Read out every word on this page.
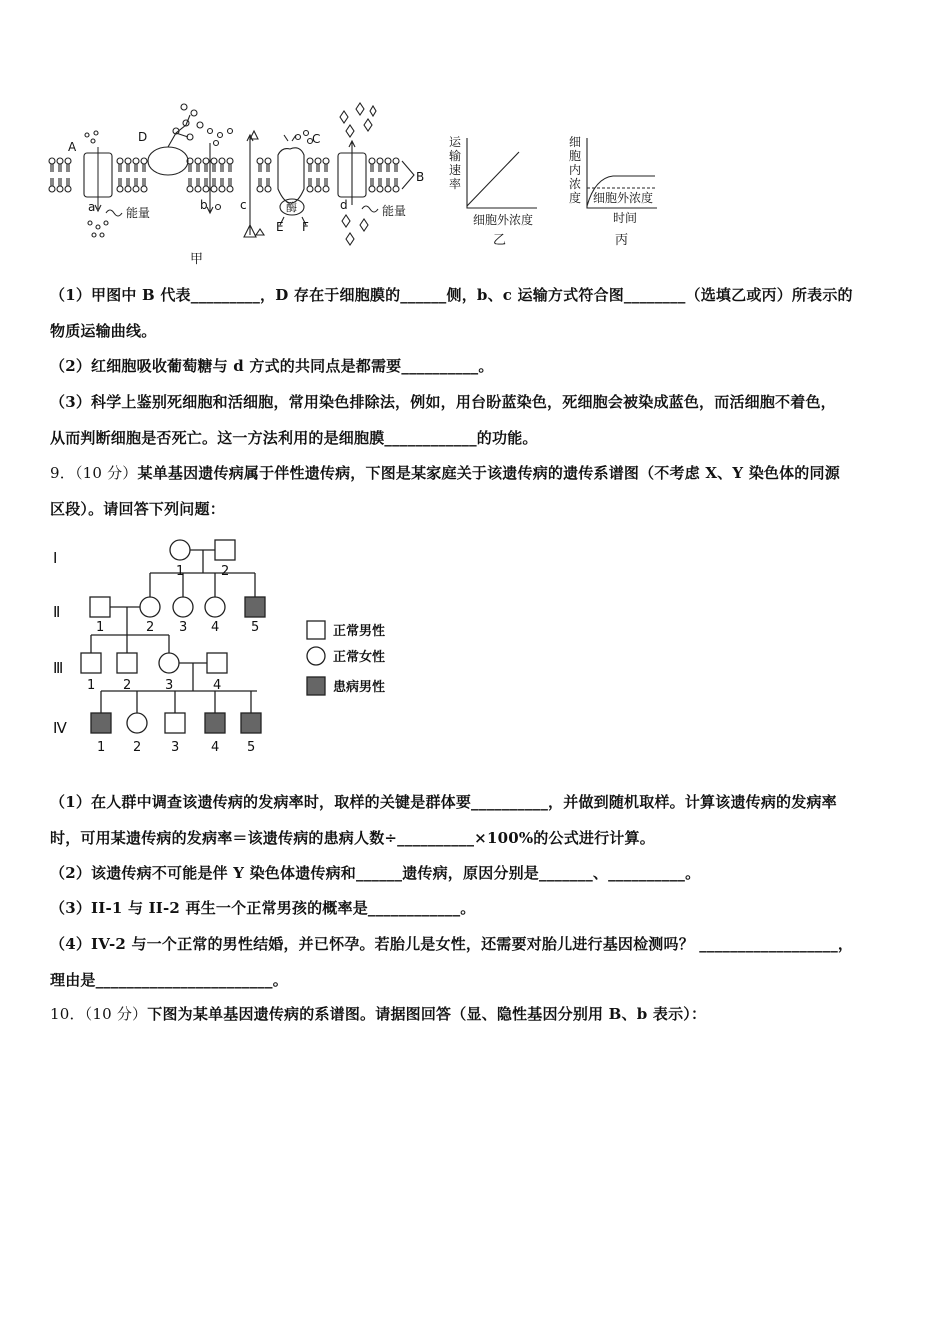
A
D	C
B
a	b	c	d
E F
酶
能量	能量
甲
运 输 速 率
细胞外浓度
乙
细 胞 内 浓 度 细胞外浓度
时间
丙
（1）甲图中 B 代表_________，D 存在于细胞膜的______侧，b、c 运输方式符合图________（选填乙或丙）所表示的
物质运输曲线。
（2）红细胞吸收葡萄糖与 d 方式的共同点是都需要__________。
（3）科学上鉴别死细胞和活细胞，常用染色排除法，例如，用台盼蓝染色，死细胞会被染成蓝色，而活细胞不着色，
从而判断细胞是否死亡。这一方法利用的是细胞膜____________的功能。
9．（10 分）某单基因遗传病属于伴性遗传病，下图是某家庭关于该遗传病的遗传系谱图（不考虑 X、Y 染色体的同源
区段）。请回答下列问题：
Ⅰ
Ⅱ
Ⅲ
Ⅳ
1	2
1	2 3 4 5
1 2	3	4
1 2 3 4 5
正常男性
正常女性
患病男性
（1）在人群中调查该遗传病的发病率时，取样的关键是群体要__________，并做到随机取样。计算该遗传病的发病率
时，可用某遗传病的发病率＝该遗传病的患病人数÷__________×100%的公式进行计算。
（2）该遗传病不可能是伴 Y 染色体遗传病和______遗传病，原因分别是_______、__________。
（3）II-1 与 II-2 再生一个正常男孩的概率是____________。
（4）IV-2 与一个正常的男性结婚，并已怀孕。若胎儿是女性，还需要对胎儿进行基因检测吗？ __________________，
理由是_______________________。
10．（10 分）下图为某单基因遗传病的系谱图。请据图回答（显、隐性基因分别用 B、b 表示）：
